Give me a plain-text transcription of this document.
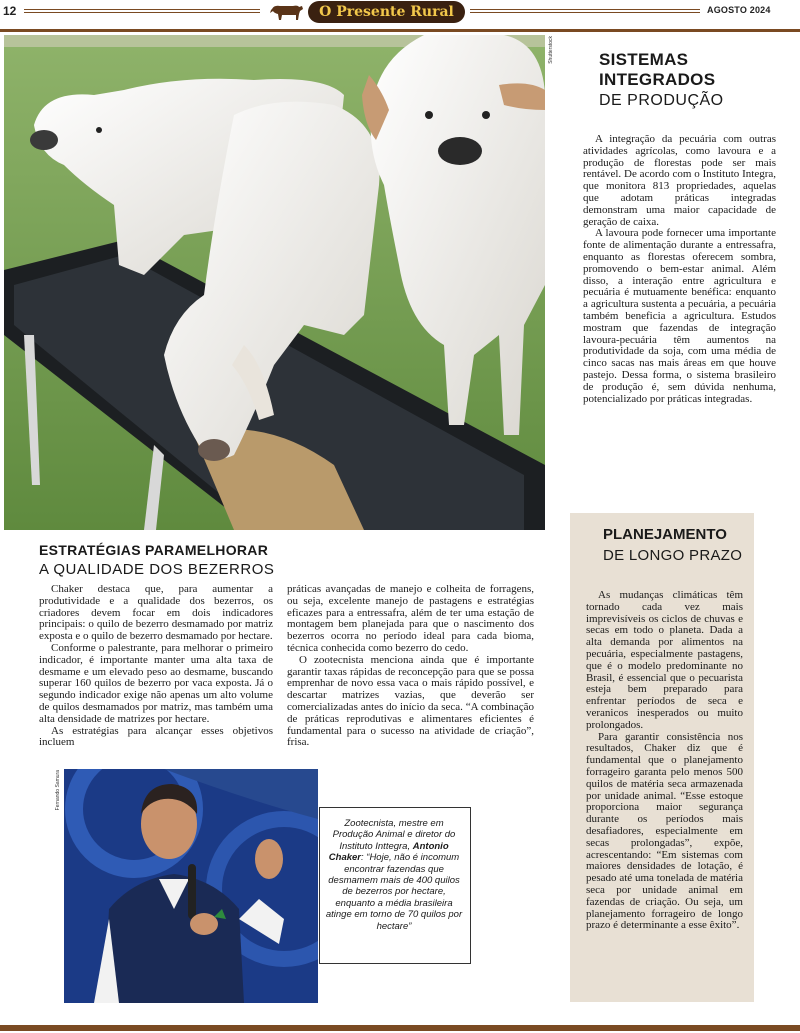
12	O Presente Rural	AGOSTO 2024
Shutterstock	SISTEMAS INTEGRADOS
DE PRODUÇÃO

A integração da pecuária com outras atividades agrícolas, como lavoura e a produção de florestas pode ser mais rentável. De acordo com o Instituto Integra, que monitora 813 propriedades, aquelas que adotam práticas integradas demonstram uma maior capacidade de geração de caixa.

A lavoura pode fornecer uma importante fonte de alimentação durante a entressafra, enquanto as florestas oferecem sombra, promovendo o bem-estar animal. Além disso, a interação entre agricultura e pecuária é mutuamente benéfica: enquanto a agricultura sustenta a pecuária, a pecuária também beneficia a agricultura. Estudos mostram que fazendas de integração lavoura-pecuária têm aumentos na produtividade da soja, com uma média de cinco sacas nas mais áreas em que houve pastejo. Dessa forma, o sistema brasileiro de produção é, sem dúvida nenhuma, potencializado por práticas integradas.

PLANEJAMENTO
DE LONGO PRAZO

As mudanças climáticas têm tornado cada vez mais imprevisíveis os ciclos de chuvas e secas em todo o planeta. Dada a alta demanda por alimentos na pecuária, especialmente pastagens, que é o modelo predominante no Brasil, é essencial que o pecuarista esteja bem preparado para enfrentar períodos de seca e veranicos inesperados ou muito prolongados.

Para garantir consistência nos resultados, Chaker diz que é fundamental que o planejamento forrageiro garanta pelo menos 500 quilos de matéria seca armazenada por unidade animal. “Esse estoque proporciona maior segurança durante os períodos mais desafiadores, especialmente em secas prolongadas”, expõe, acrescentando: “Em sistemas com maiores densidades de lotação, é pesado até uma tonelada de matéria seca por unidade animal em fazendas de criação. Ou seja, um planejamento forrageiro de longo prazo é determinante a esse êxito”.

ESTRATÉGIAS PARAMELHORAR
A QUALIDADE DOS BEZERROS

Chaker destaca que, para aumentar a produtividade e a qualidade dos bezerros, os criadores devem focar em dois indicadores principais: o quilo de bezerro desmamado por matriz exposta e o quilo de bezerro desmamado por hectare.

Conforme o palestrante, para melhorar o primeiro indicador, é importante manter uma alta taxa de desmame e um elevado peso ao desmame, buscando superar 160 quilos de bezerro por vaca exposta. Já o segundo indicador exige não apenas um alto volume de quilos desmamados por matriz, mas também uma alta densidade de matrizes por hectare.

As estratégias para alcançar esses objetivos incluem

práticas avançadas de manejo e colheita de forragens, ou seja, excelente manejo de pastagens e estratégias eficazes para a entressafra, além de ter uma estação de montagem bem planejada para que o nascimento dos bezerros ocorra no período ideal para cada bioma, técnica conhecida como bezerro do cedo.

O zootecnista menciona ainda que é importante garantir taxas rápidas de reconcepção para que se possa emprenhar de novo essa vaca o mais rápido possível, e descartar matrizes vazias, que deverão ser comercializadas antes do início da seca. “A combinação de práticas reprodutivas e alimentares eficientes é fundamental para o sucesso na atividade de criação”, frisa.

Fernando Samura
Zootecnista, mestre em Produção Animal e diretor do Instituto Inttegra, Antonio Chaker: “Hoje, não é incomum encontrar fazendas que desmamem mais de 400 quilos de bezerros por hectare, enquanto a média brasileira atinge em torno de 70 quilos por hectare”
